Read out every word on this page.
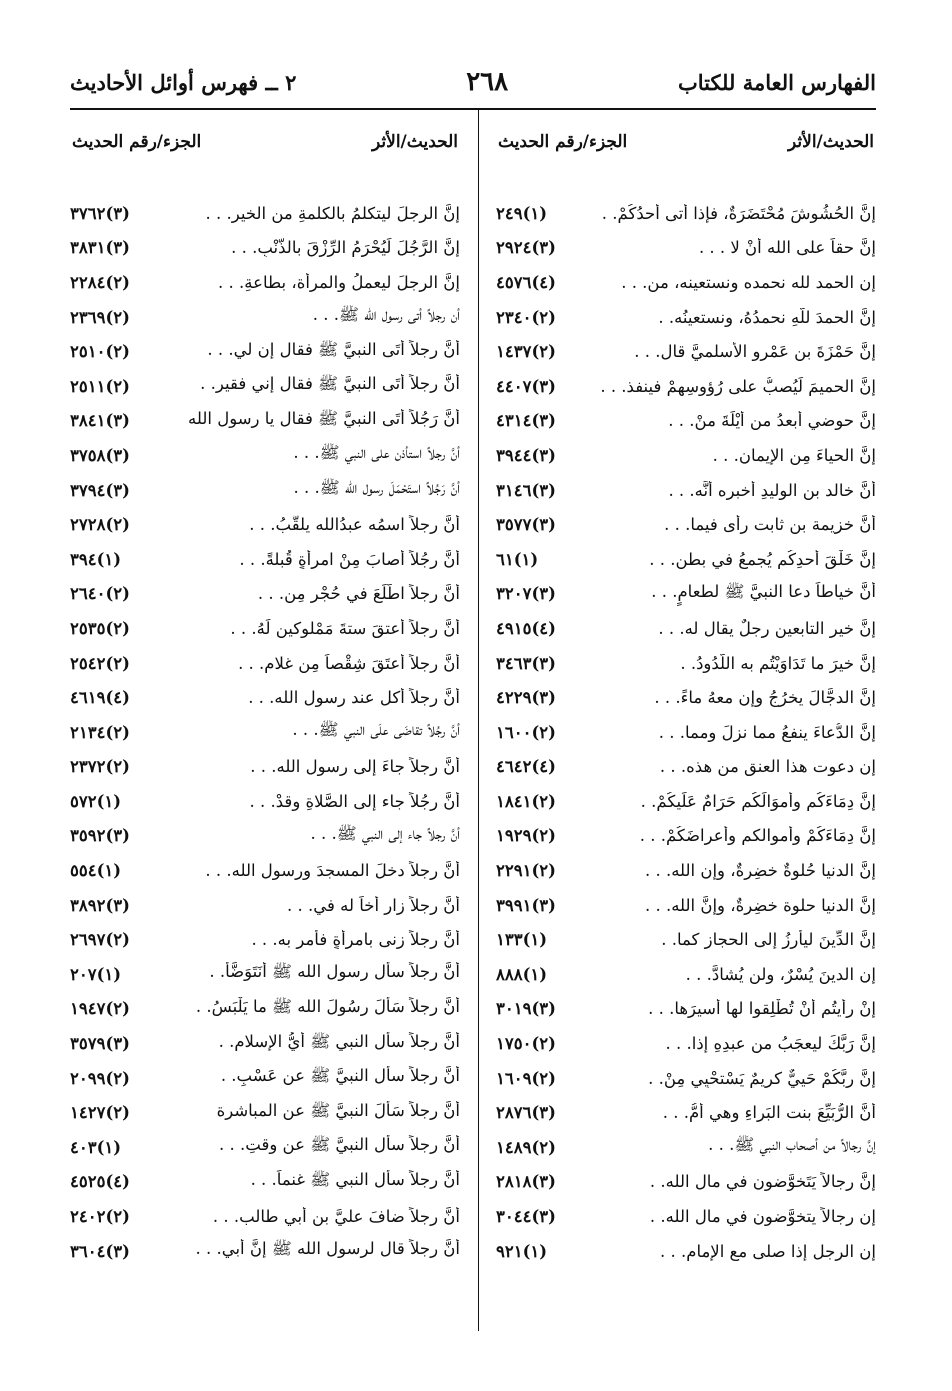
الفهارس العامة للكتاب
٢٦٨
٢ ــ فهرس أوائل الأحاديث
الحديث/الأثر
الجزء/رقم الحديث
إنَّ الحُشُوشَ مُحْتَضَرَةٌ، فإذا أتى أحدُكُمْ. .
(١)٢٤٩
إنَّ حقاً على الله أنْ لا . . .
(٣)٢٩٢٤
إن الحمد لله نحمده ونستعينه، من. . .
(٤)٤٥٧٦
إنَّ الحمدَ للّهِ نحمدُهُ، ونستعينُه. .
(٢)٢٣٤٠
إنَّ حَمْزَةَ بن عَمْرٍو الأسلميَّ قال. . .
(٢)١٤٣٧
إنَّ الحميمَ لَيُصبُّ على رُؤوسِهِمْ فينفذ. . .
(٣)٤٤٠٧
إنَّ حوضي أبعدُ من أيْلَةَ منْ. . .
(٣)٤٣١٤
إنَّ الحياءَ مِن الإيمانِ. . .
(٣)٣٩٤٤
أنَّ خالد بن الوليدِ أخبره أنَّه. . .
(٣)٣١٤٦
أنَّ خزيمة بن ثابت رأى فيما. . .
(٣)٣٥٧٧
إنَّ خَلْقَ أحدِكُم يُجمعُ في بطنِ. . .
(١)٦١
أنَّ خياطاً دعا النبيَّ ﷺ لطعامٍ. . .
(٣)٣٢٠٧
إنَّ خير التابعين رجلٌ يقال له. . .
(٤)٤٩١٥
إنَّ خيرَ ما تَدَاوَيْتُم به اللَّدُودُ. .
(٣)٣٤٦٣
إنَّ الدجَّالَ يخرُجُ وإن معهُ ماءً. . .
(٣)٤٢٢٩
إنَّ الدُّعاءَ ينفعُ مما نزلَ ومما. . .
(٢)١٦٠٠
إن دعوت هذا العنق من هذه. . .
(٤)٤٦٤٢
إنَّ دِمَاءَكُم وأموَالَكُم حَرَامٌ عَلَيكُمْ. .
(٢)١٨٤١
إنَّ دِمَاءَكُمْ وأموالكم وأعراضَكُمْ. . .
(٢)١٩٢٩
إنَّ الدنيا حُلوةٌ خضِرةٌ، وإن الله. . .
(٢)٢٢٩١
إنَّ الدنيا حلوة خضِرةٌ، وإنَّ الله. . .
(٣)٣٩٩١
إنَّ الدِّينَ ليأْرِزُ إلى الحجازِ كما. .
(١)١٣٣
إن الدينَ يُسْرٌ، ولن يُشادَّ. . .
(١)٨٨٨
إنْ رأيتُم أنْ تُطْلِقوا لها أسيرَها. . .
(٣)٣٠١٩
إنَّ رَبَّكَ ليعجَبُ من عبدِهِ إذا. . .
(٢)١٧٥٠
إنَّ ربَّكُمْ حَييٌّ كريمٌ يَسْتحْيِي مِنْ. .
(٢)١٦٠٩
أنَّ الرُّبَيِّعَ بنت البَراءِ وهي أمُّ. . .
(٣)٢٨٧٦
إنَّ رجالاً من أصحاب النبي ﷺ. . .
(٢)١٤٨٩
إنَّ رجالاً يَتَخوَّضون في مال الله. .
(٣)٢٨١٨
إن رجالاً يتخوَّضون في مالِ الله. .
(٣)٣٠٤٤
إن الرجل إذا صلى مع الإمام. . .
(١)٩٢١
الحديث/الأثر
الجزء/رقم الحديث
إنَّ الرجلَ ليتكلمُ بالكلمةِ من الخير. . .
(٣)٣٧٦٢
إنَّ الرَّجُلَ لَيُحْرَمُ الرِّزْقَ بالذَّنْبِ. . .
(٣)٣٨٣١
إنَّ الرجلَ ليعملُ والمرأة، بطاعةِ. . .
(٢)٢٢٨٤
أن رجلاً أتى رسول الله ﷺ. . .
(٢)٢٣٦٩
أنَّ رجلاً أَتَى النبيَّ ﷺ فقال إن لي. . .
(٢)٢٥١٠
أنَّ رجلاً أَتَى النبيَّ ﷺ فقال إني فقير. .
(٢)٢٥١١
أنَّ رَجُلاً أَتَى النبيَّ ﷺ فقال يا رسول الله
(٣)٣٨٤١
أنَّ رجلاً استأذن على النبي ﷺ. . .
(٣)٣٧٥٨
أنَّ رَجُلاً استَحْمَلَ رسول الله ﷺ. . .
(٣)٣٧٩٤
أنَّ رجلاً اسمُه عبدُالله يلقَّبُ. . .
(٢)٢٧٢٨
أنَّ رجُلاً أصابَ مِنْ امرأةٍ قُبلةً. . .
(١)٣٩٤
أنَّ رجلاً اطَّلَعَ في حُجْرٍ مِن. . .
(٢)٢٦٤٠
أنَّ رجلاً أعتقَ ستةَ مَمْلوكين لَهُ. . .
(٢)٢٥٣٥
أنَّ رجلاً أعتَقَ شِقْصاً مِن غلامٍ. . .
(٢)٢٥٤٢
أنَّ رجلاً أكل عند رسول الله. . .
(٤)٤٦١٩
أنَّ رجُلاً تقاضَى علَى النبي ﷺ. . .
(٢)٢١٣٤
أنَّ رجلاً جاءَ إلى رسول الله. . .
(٢)٢٣٧٢
أنَّ رجُلاً جاء إلى الصَّلاةِ وقدْ. . .
(١)٥٧٢
أنَّ رجلاً جاء إلى النبي ﷺ. . .
(٣)٣٥٩٢
أنَّ رجلاً دخلَ المسجدَ ورسول الله. . .
(١)٥٥٤
أنَّ رجلاً زار أخاً له في. . .
(٣)٣٨٩٢
أنَّ رجلاً زنى بامرأةٍ فأمر به. . .
(٢)٢٦٩٧
أنَّ رجلاً سأل رسول الله ﷺ أنَتَوَضَّأُ. .
(١)٢٠٧
أنَّ رجلاً سَأَلَ رسُولَ الله ﷺ ما يَلْبَسُ. .
(٢)١٩٤٧
أنَّ رجلاً سأل النبي ﷺ أيُّ الإسلام. .
(٣)٣٥٧٩
أنَّ رجلاً سأل النبيَّ ﷺ عن عَسْبِ. .
(٢)٢٠٩٩
أنَّ رجلاً سَأَلَ النبيَّ ﷺ عن المباشرة
(٢)١٤٢٧
أنَّ رجلاً سأل النبيَّ ﷺ عن وقتِ. . .
(١)٤٠٣
أنَّ رجلاً سأل النبي ﷺ غنماً. . .
(٤)٤٥٢٥
أنَّ رجلاً ضافَ عليَّ بن أبي طالب. . .
(٢)٢٤٠٢
أنَّ رجلاً قال لرسول الله ﷺ إنَّ أبي. . .
(٣)٣٦٠٤
